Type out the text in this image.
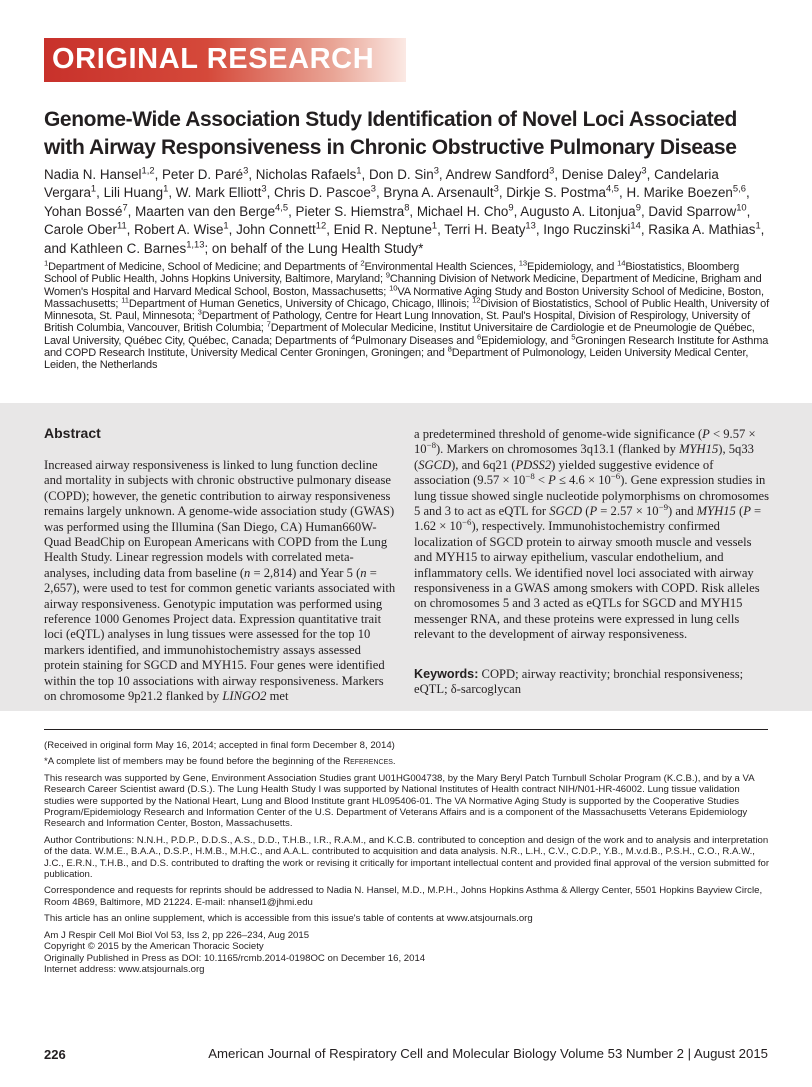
ORIGINAL RESEARCH
Genome-Wide Association Study Identification of Novel Loci Associated with Airway Responsiveness in Chronic Obstructive Pulmonary Disease
Nadia N. Hansel$^{1,2}$, Peter D. Paré$^3$, Nicholas Rafaels$^1$, Don D. Sin$^3$, Andrew Sandford$^3$, Denise Daley$^3$, Candelaria Vergara$^1$, Lili Huang$^1$, W. Mark Elliott$^3$, Chris D. Pascoe$^3$, Bryna A. Arsenault$^3$, Dirkje S. Postma$^{4,5}$, H. Marike Boezen$^{5,6}$, Yohan Bossé$^7$, Maarten van den Berge$^{4,5}$, Pieter S. Hiemstra$^8$, Michael H. Cho$^9$, Augusto A. Litonjua$^9$, David Sparrow$^{10}$, Carole Ober$^{11}$, Robert A. Wise$^1$, John Connett$^{12}$, Enid R. Neptune$^1$, Terri H. Beaty$^{13}$, Ingo Ruczinski$^{14}$, Rasika A. Mathias$^1$, and Kathleen C. Barnes$^{1,13}$; on behalf of the Lung Health Study*
$^1$Department of Medicine, School of Medicine; and Departments of $^2$Environmental Health Sciences, $^{13}$Epidemiology, and $^{14}$Biostatistics, Bloomberg School of Public Health, Johns Hopkins University, Baltimore, Maryland; $^9$Channing Division of Network Medicine, Department of Medicine, Brigham and Women's Hospital and Harvard Medical School, Boston, Massachusetts; $^{10}$VA Normative Aging Study and Boston University School of Medicine, Boston, Massachusetts; $^{11}$Department of Human Genetics, University of Chicago, Chicago, Illinois; $^{12}$Division of Biostatistics, School of Public Health, University of Minnesota, St. Paul, Minnesota; $^3$Department of Pathology, Centre for Heart Lung Innovation, St. Paul's Hospital, Division of Respirology, University of British Columbia, Vancouver, British Columbia; $^7$Department of Molecular Medicine, Institut Universitaire de Cardiologie et de Pneumologie de Québec, Laval University, Québec City, Québec, Canada; Departments of $^4$Pulmonary Diseases and $^6$Epidemiology, and $^5$Groningen Research Institute for Asthma and COPD Research Institute, University Medical Center Groningen, Groningen; and $^8$Department of Pulmonology, Leiden University Medical Center, Leiden, the Netherlands
Abstract
Increased airway responsiveness is linked to lung function decline and mortality in subjects with chronic obstructive pulmonary disease (COPD); however, the genetic contribution to airway responsiveness remains largely unknown. A genome-wide association study (GWAS) was performed using the Illumina (San Diego, CA) Human660W-Quad BeadChip on European Americans with COPD from the Lung Health Study. Linear regression models with correlated meta-analyses, including data from baseline (n = 2,814) and Year 5 (n = 2,657), were used to test for common genetic variants associated with airway responsiveness. Genotypic imputation was performed using reference 1000 Genomes Project data. Expression quantitative trait loci (eQTL) analyses in lung tissues were assessed for the top 10 markers identified, and immunohistochemistry assays assessed protein staining for SGCD and MYH15. Four genes were identified within the top 10 associations with airway responsiveness. Markers on chromosome 9p21.2 flanked by LINGO2 met
a predetermined threshold of genome-wide significance $(P < 9.57 \times 10^{-8})$. Markers on chromosomes 3q13.1 (flanked by MYH15), 5q33 (SGCD), and 6q21 (PDSS2) yielded suggestive evidence of association $(9.57 \times 10^{-8} < P \le 4.6 \times 10^{-6})$. Gene expression studies in lung tissue showed single nucleotide polymorphisms on chromosomes 5 and 3 to act as eQTL for SGCD $(P = 2.57 \times 10^{-9})$ and MYH15 $(P = 1.62 \times 10^{-6})$, respectively. Immunohistochemistry confirmed localization of SGCD protein to airway smooth muscle and vessels and MYH15 to airway epithelium, vascular endothelium, and inflammatory cells. We identified novel loci associated with airway responsiveness in a GWAS among smokers with COPD. Risk alleles on chromosomes 5 and 3 acted as eQTLs for SGCD and MYH15 messenger RNA, and these proteins were expressed in lung cells relevant to the development of airway responsiveness.
Keywords: COPD; airway reactivity; bronchial responsiveness; eQTL; δ-sarcoglycan

(Received in original form May 16, 2014; accepted in final form December 8, 2014)

*A complete list of members may be found before the beginning of the References.

This research was supported by Gene, Environment Association Studies grant U01HG004738, by the Mary Beryl Patch Turnbull Scholar Program (K.C.B.), and by a VA Research Career Scientist award (D.S.). The Lung Health Study I was supported by National Institutes of Health contract NIH/N01-HR-46002. Lung tissue validation studies were supported by the National Heart, Lung and Blood Institute grant HL095406-01. The VA Normative Aging Study is supported by the Cooperative Studies Program/Epidemiology Research and Information Center of the U.S. Department of Veterans Affairs and is a component of the Massachusetts Veterans Epidemiology Research and Information Center, Boston, Massachusetts.

Author Contributions: N.N.H., P.D.P., D.D.S., A.S., D.D., T.H.B., I.R., R.A.M., and K.C.B. contributed to conception and design of the work and to analysis and interpretation of the data. W.M.E., B.A.A., D.S.P., H.M.B., M.H.C., and A.A.L. contributed to acquisition and data analysis. N.R., L.H., C.V., C.D.P., Y.B., M.v.d.B., P.S.H., C.O., R.A.W., J.C., E.R.N., T.H.B., and D.S. contributed to drafting the work or revising it critically for important intellectual content and provided final approval of the version submitted for publication.

Correspondence and requests for reprints should be addressed to Nadia N. Hansel, M.D., M.P.H., Johns Hopkins Asthma & Allergy Center, 5501 Hopkins Bayview Circle, Room 4B69, Baltimore, MD 21224. E-mail: nhansel1@jhmi.edu

This article has an online supplement, which is accessible from this issue's table of contents at www.atsjournals.org

Am J Respir Cell Mol Biol Vol 53, Iss 2, pp 226–234, Aug 2015

Copyright © 2015 by the American Thoracic Society

Originally Published in Press as DOI: 10.1165/rcmb.2014-0198OC on December 16, 2014

Internet address: www.atsjournals.org

226	American Journal of Respiratory Cell and Molecular Biology Volume 53 Number 2 | August 2015
